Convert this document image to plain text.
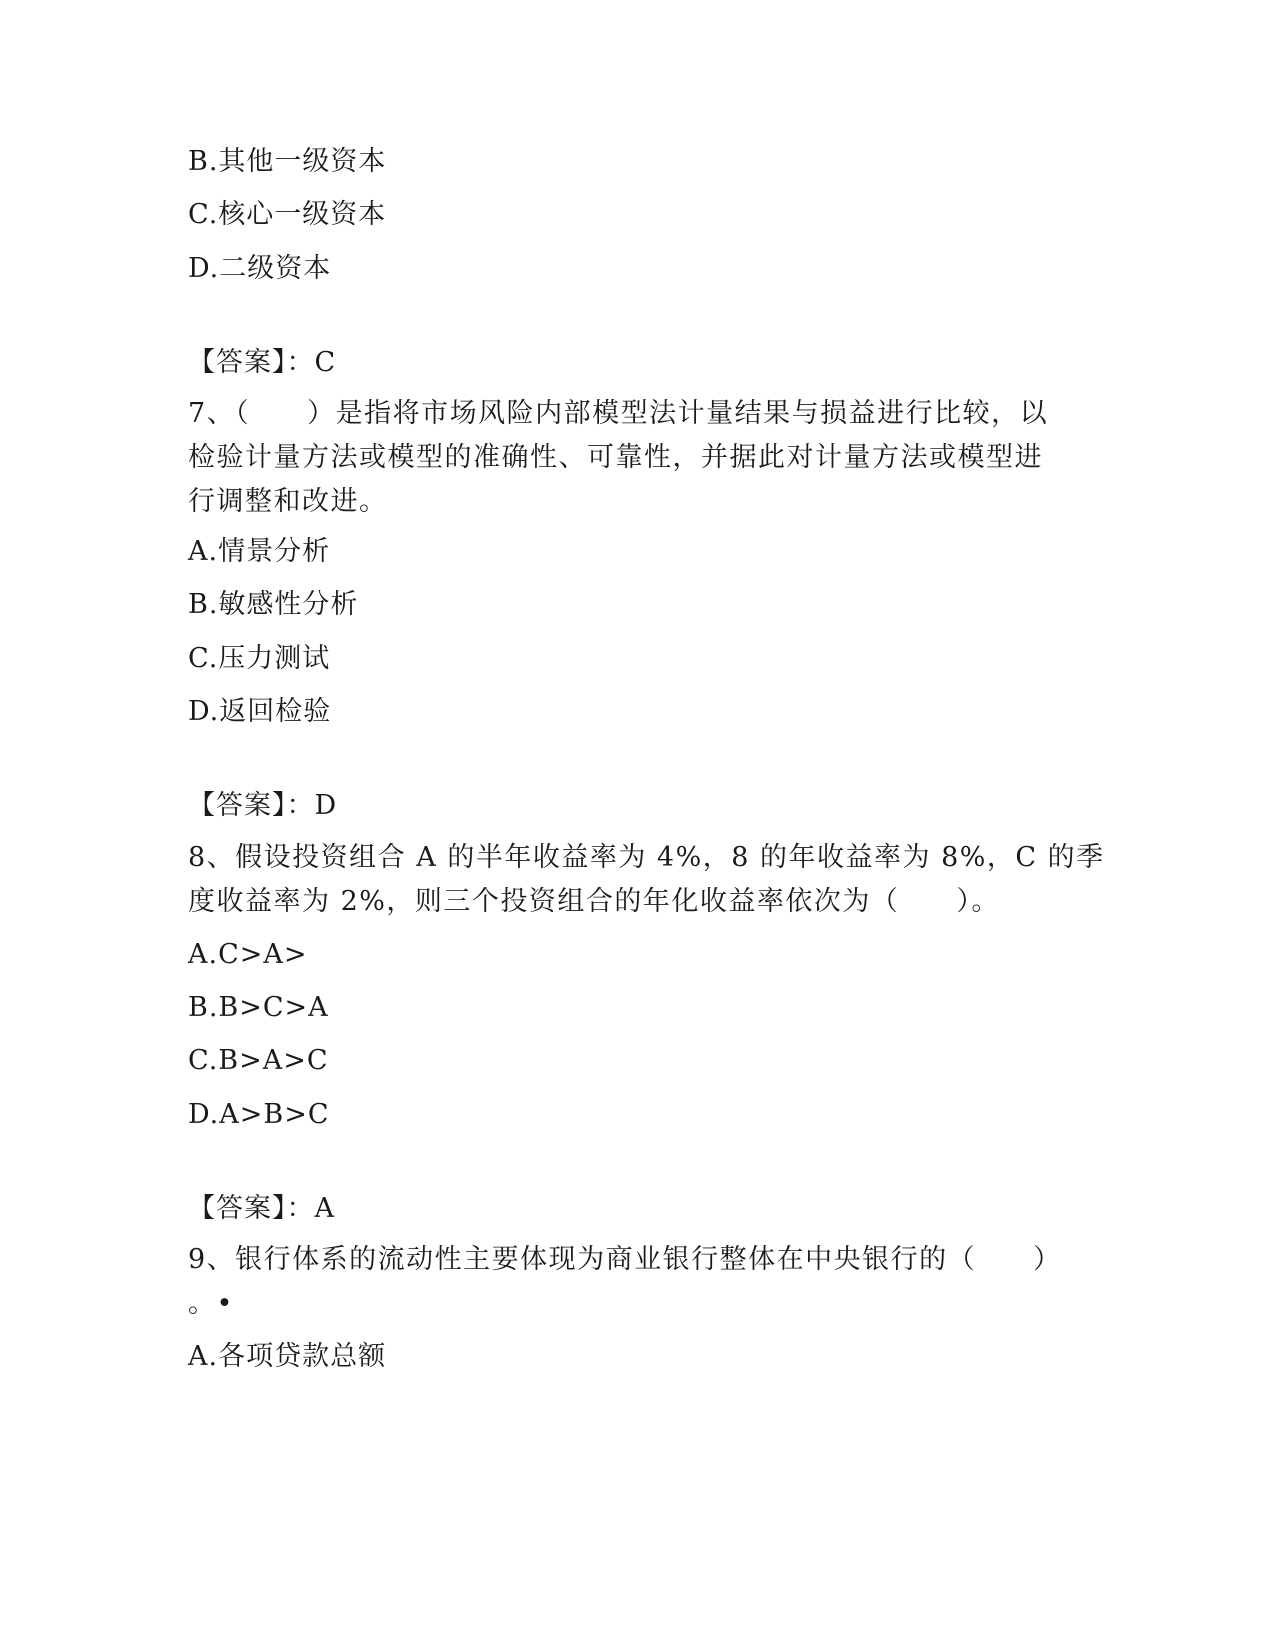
B.其他一级资本
C.核心一级资本
D.二级资本
【答案】：C
7、（　　）是指将市场风险内部模型法计量结果与损益进行比较，以
检验计量方法或模型的准确性、可靠性，并据此对计量方法或模型进
行调整和改进。
A.情景分析
B.敏感性分析
C.压力测试
D.返回检验
【答案】：D
8、假设投资组合 A 的半年收益率为 4%，8 的年收益率为 8%，C 的季
度收益率为 2%，则三个投资组合的年化收益率依次为（　　）。
A.C>A>
B.B>C>A
C.B>A>C
D.A>B>C
【答案】：A
9、银行体系的流动性主要体现为商业银行整体在中央银行的（　　）
。•
A.各项贷款总额
